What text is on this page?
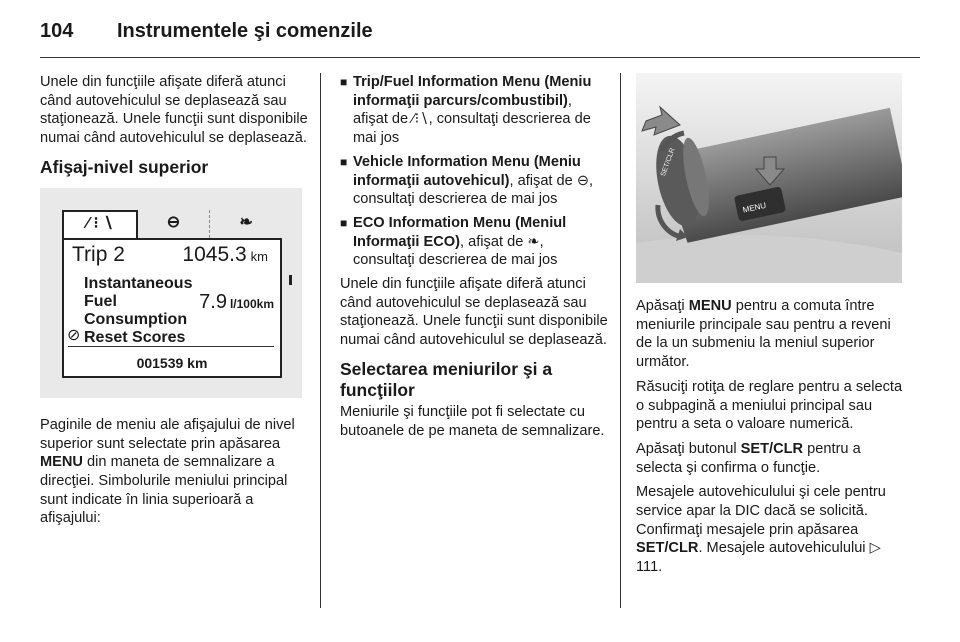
104 Instrumentele şi comenzile

Unele din funcţiile afişate diferă atunci când autovehiculul se deplasează sau staţionează. Unele funcţii sunt disponibile numai când autovehiculul se deplasează.

Afişaj-nivel superior
⁄ ⁝ ∖	⊖	❧
Trip 2	1045.3 km
Instantaneous
Fuel
Consumption
⊘ Reset Scores
7.9 l/100km
001539 km

Paginile de meniu ale afişajului de nivel superior sunt selectate prin apăsarea MENU din maneta de semnalizare a direcţiei. Simbolurile meniului principal sunt indicate în linia superioară a afişajului:

■ Trip/Fuel Information Menu (Meniu informaţii parcurs/combustibil), afişat de ⁄⁝∖, consultaţi descrierea de mai jos
■ Vehicle Information Menu (Meniu informaţii autovehicul), afişat de ⊖, consultaţi descrierea de mai jos
■ ECO Information Menu (Meniul Informaţii ECO), afişat de ❧, consultaţi descrierea de mai jos

Unele din funcţiile afişate diferă atunci când autovehiculul se deplasează sau staţionează. Unele funcţii sunt disponibile numai când autovehiculul se deplasează.

Selectarea meniurilor şi a funcţiilor

Meniurile şi funcţiile pot fi selectate cu butoanele de pe maneta de semnalizare.

MENU
SET/CLR

Apăsaţi MENU pentru a comuta între meniurile principale sau pentru a reveni de la un submeniu la meniul superior următor.

Răsuciţi rotiţa de reglare pentru a selecta o subpagină a meniului principal sau pentru a seta o valoare numerică.

Apăsaţi butonul SET/CLR pentru a selecta şi confirma o funcţie.

Mesajele autovehiculului şi cele pentru service apar la DIC dacă se solicită. Confirmaţi mesajele prin apăsarea SET/CLR. Mesajele autovehiculului ▷ 111.
